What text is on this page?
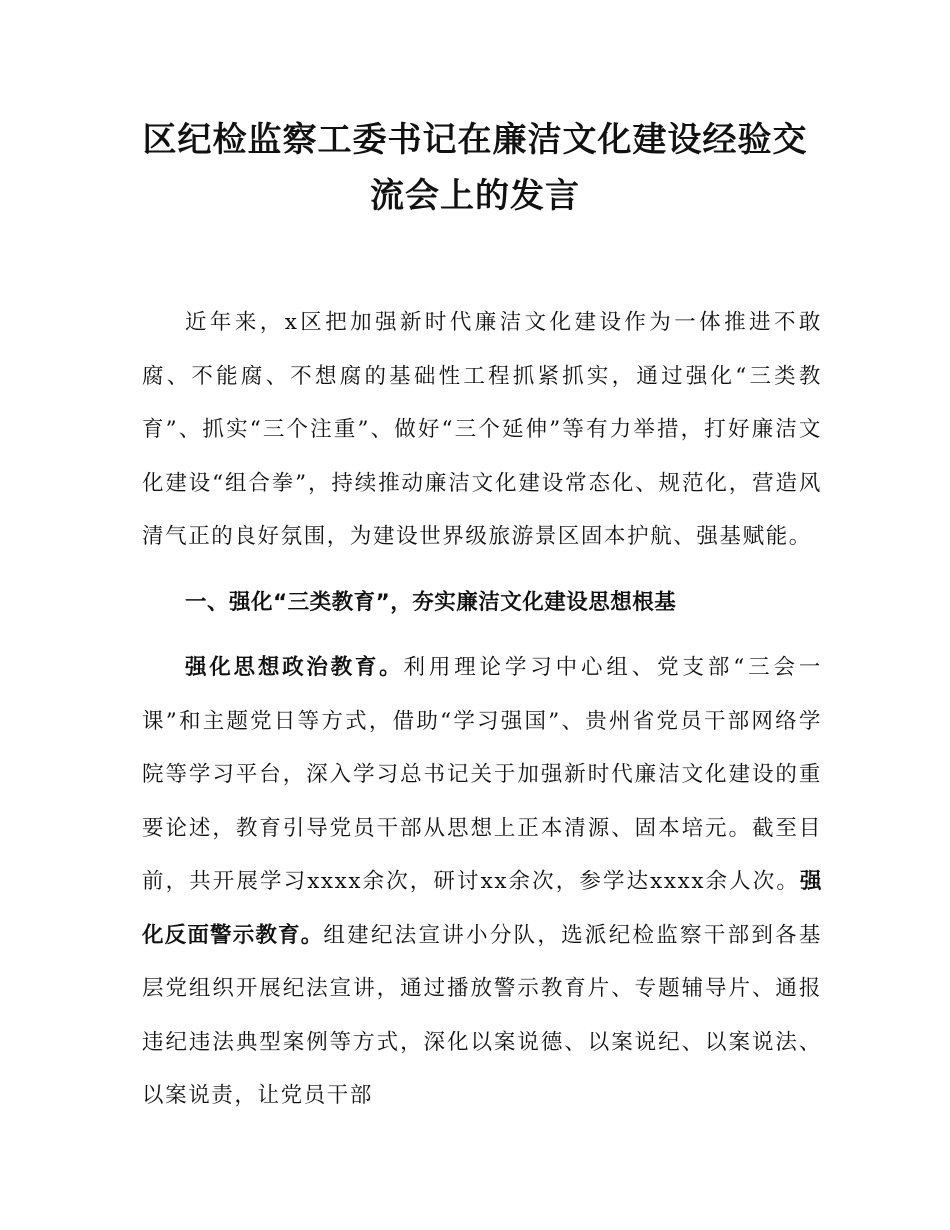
区纪检监察工委书记在廉洁文化建设经验交
流会上的发言

近年来，x区把加强新时代廉洁文化建设作为一体推进不敢腐、不能腐、不想腐的基础性工程抓紧抓实，通过强化“三类教育”、抓实“三个注重”、做好“三个延伸”等有力举措，打好廉洁文化建设“组合拳”，持续推动廉洁文化建设常态化、规范化，营造风清气正的良好氛围，为建设世界级旅游景区固本护航、强基赋能。

一、强化“三类教育”，夯实廉洁文化建设思想根基

强化思想政治教育。利用理论学习中心组、党支部“三会一课”和主题党日等方式，借助“学习强国”、贵州省党员干部网络学院等学习平台，深入学习总书记关于加强新时代廉洁文化建设的重要论述，教育引导党员干部从思想上正本清源、固本培元。截至目前，共开展学习xxxx余次，研讨xx余次，参学达xxxx余人次。强化反面警示教育。组建纪法宣讲小分队，选派纪检监察干部到各基层党组织开展纪法宣讲，通过播放警示教育片、专题辅导片、通报违纪违法典型案例等方式，深化以案说德、以案说纪、以案说法、以案说责，让党员干部
